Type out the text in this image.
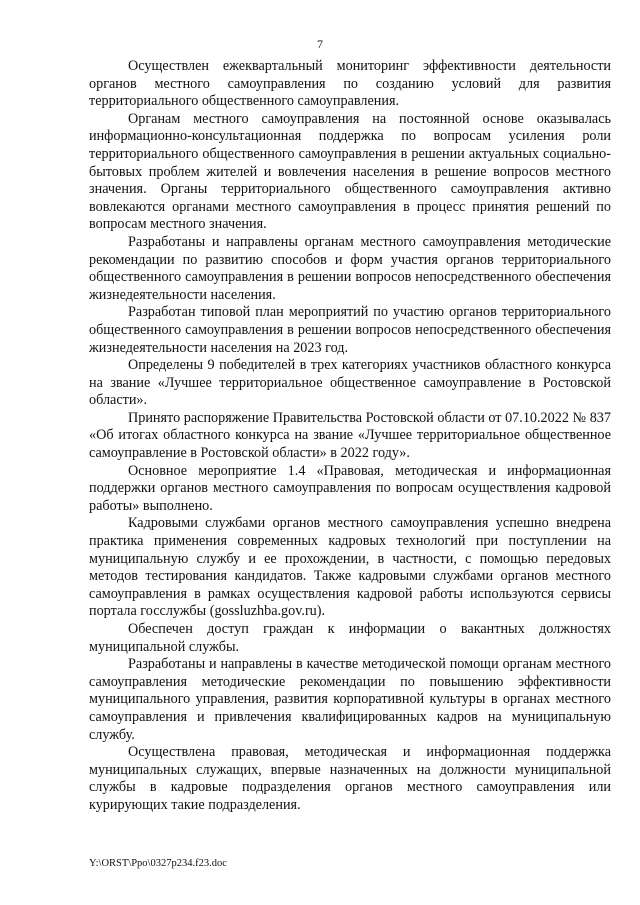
7

Осуществлен ежеквартальный мониторинг эффективности деятельности органов местного самоуправления по созданию условий для развития территориального общественного самоуправления.

Органам местного самоуправления на постоянной основе оказывалась информационно-консультационная поддержка по вопросам усиления роли территориального общественного самоуправления в решении актуальных социально-бытовых проблем жителей и вовлечения населения в решение вопросов местного значения. Органы территориального общественного самоуправления активно вовлекаются органами местного самоуправления в процесс принятия решений по вопросам местного значения.

Разработаны и направлены органам местного самоуправления методические рекомендации по развитию способов и форм участия органов территориального общественного самоуправления в решении вопросов непосредственного обеспечения жизнедеятельности населения.

Разработан типовой план мероприятий по участию органов территориального общественного самоуправления в решении вопросов непосредственного обеспечения жизнедеятельности населения на 2023 год.

Определены 9 победителей в трех категориях участников областного конкурса на звание «Лучшее территориальное общественное самоуправление в Ростовской области».

Принято распоряжение Правительства Ростовской области от 07.10.2022 № 837 «Об итогах областного конкурса на звание «Лучшее территориальное общественное самоуправление в Ростовской области» в 2022 году».

Основное мероприятие 1.4 «Правовая, методическая и информационная поддержки органов местного самоуправления по вопросам осуществления кадровой работы» выполнено.

Кадровыми службами органов местного самоуправления успешно внедрена практика применения современных кадровых технологий при поступлении на муниципальную службу и ее прохождении, в частности, с помощью передовых методов тестирования кандидатов. Также кадровыми службами органов местного самоуправления в рамках осуществления кадровой работы используются сервисы портала госслужбы (gossluzhba.gov.ru).

Обеспечен доступ граждан к информации о вакантных должностях муниципальной службы.

Разработаны и направлены в качестве методической помощи органам местного самоуправления методические рекомендации по повышению эффективности муниципального управления, развития корпоративной культуры в органах местного самоуправления и привлечения квалифицированных кадров на муниципальную службу.

Осуществлена правовая, методическая и информационная поддержка муниципальных служащих, впервые назначенных на должности муниципальной службы в кадровые подразделения органов местного самоуправления или курирующих такие подразделения.

Y:\ORST\Ppo\0327p234.f23.doc
